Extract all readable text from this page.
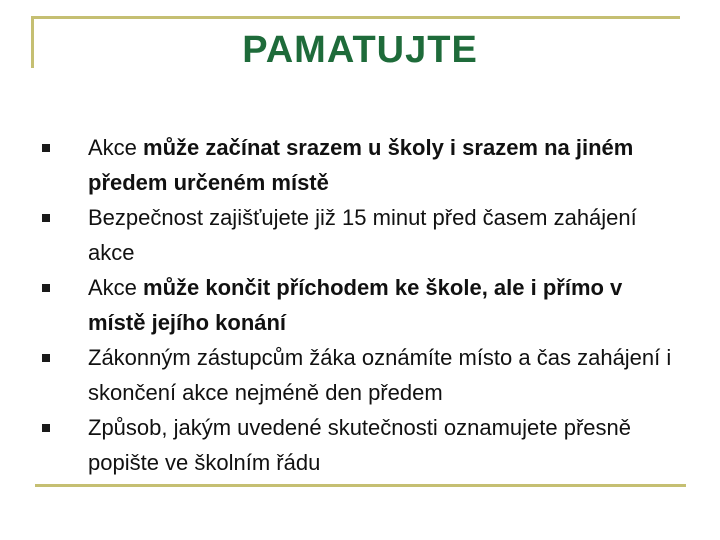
PAMATUJTE
Akce může začínat srazem u školy i srazem na jiném předem určeném místě
Bezpečnost zajišťujete již 15 minut před časem zahájení akce
Akce může končit příchodem ke škole, ale i přímo v místě jejího konání
Zákonným zástupcům žáka oznámíte místo a čas zahájení i skončení akce nejméně den předem
Způsob, jakým uvedené skutečnosti oznamujete přesně popište ve školním řádu
